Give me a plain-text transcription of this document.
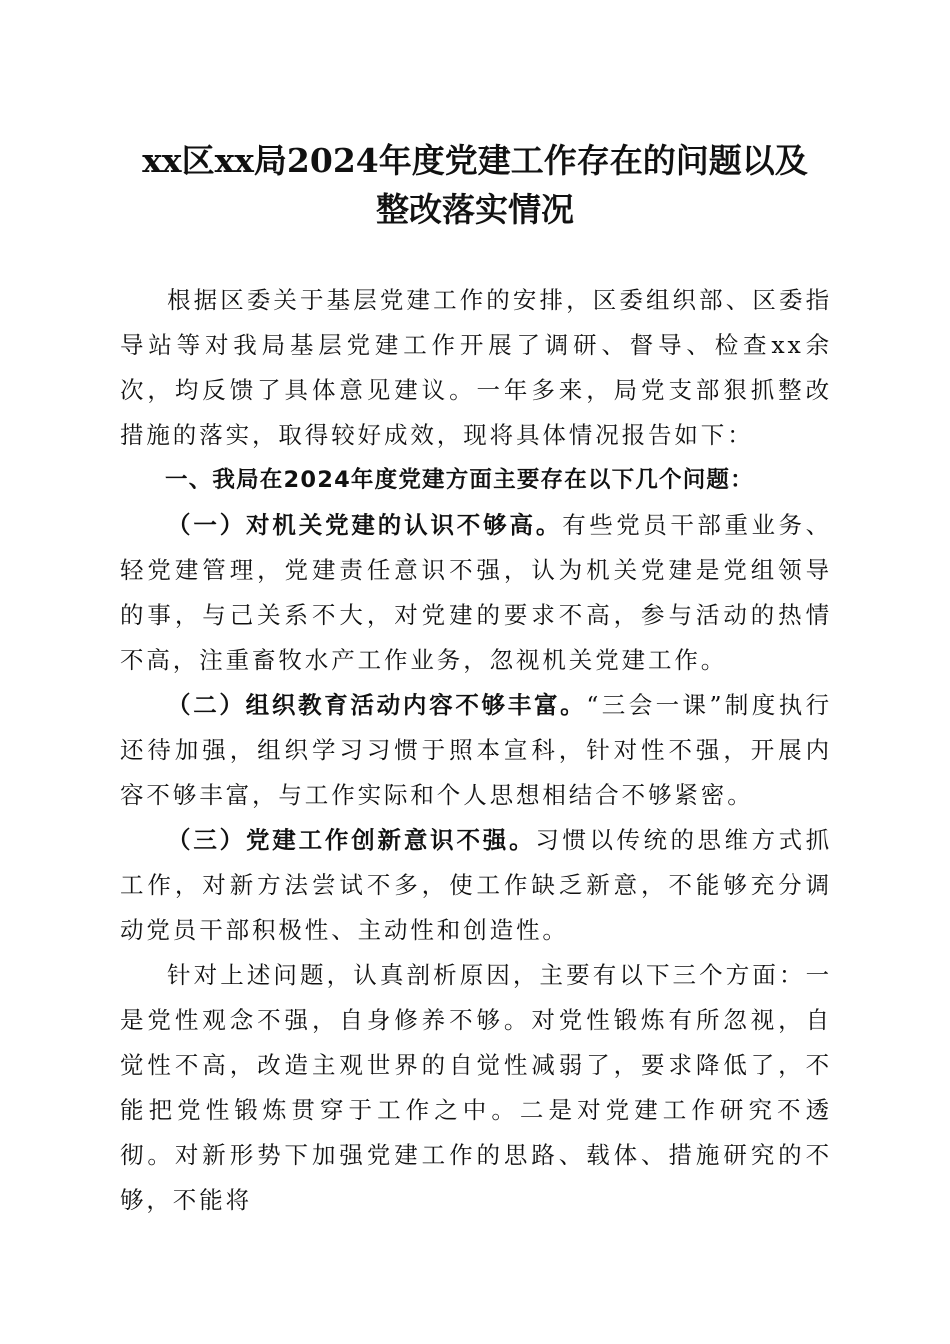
xx区xx局2024年度党建工作存在的问题以及
整改落实情况

根据区委关于基层党建工作的安排，区委组织部、区委指导站等对我局基层党建工作开展了调研、督导、检查xx余次，均反馈了具体意见建议。一年多来，局党支部狠抓整改措施的落实，取得较好成效，现将具体情况报告如下：

一、我局在2024年度党建方面主要存在以下几个问题：

（一）对机关党建的认识不够高。有些党员干部重业务、轻党建管理，党建责任意识不强，认为机关党建是党组领导的事，与己关系不大，对党建的要求不高，参与活动的热情不高，注重畜牧水产工作业务，忽视机关党建工作。

（二）组织教育活动内容不够丰富。“三会一课”制度执行还待加强，组织学习习惯于照本宣科，针对性不强，开展内容不够丰富，与工作实际和个人思想相结合不够紧密。

（三）党建工作创新意识不强。习惯以传统的思维方式抓工作，对新方法尝试不多，使工作缺乏新意，不能够充分调动党员干部积极性、主动性和创造性。

针对上述问题，认真剖析原因，主要有以下三个方面：一是党性观念不强，自身修养不够。对党性锻炼有所忽视，自觉性不高，改造主观世界的自觉性减弱了，要求降低了，不能把党性锻炼贯穿于工作之中。二是对党建工作研究不透彻。对新形势下加强党建工作的思路、载体、措施研究的不够，不能将
